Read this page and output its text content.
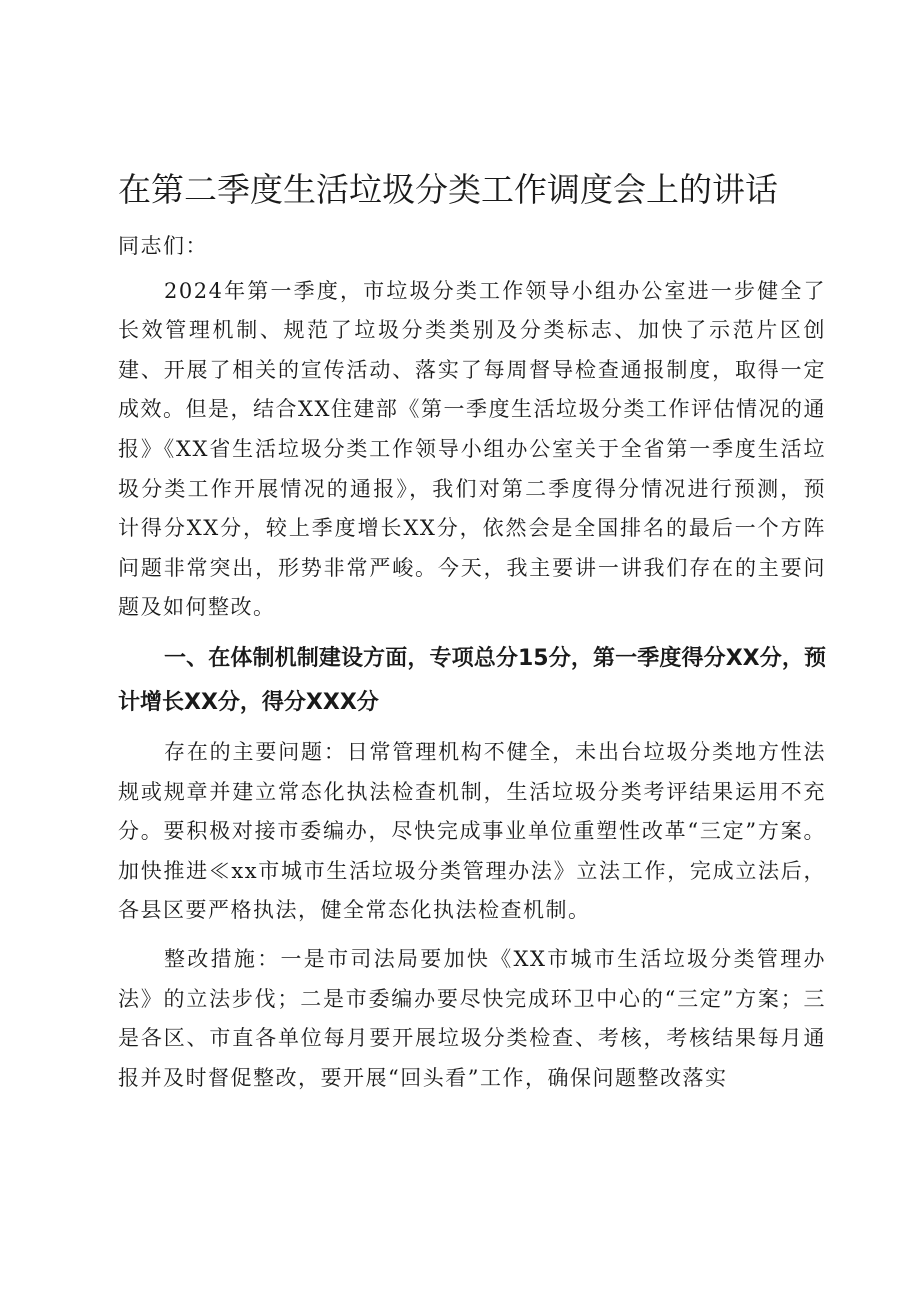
在第二季度生活垃圾分类工作调度会上的讲话

同志们：

2024年第一季度，市垃圾分类工作领导小组办公室进一步健全了长效管理机制、规范了垃圾分类类别及分类标志、加快了示范片区创建、开展了相关的宣传活动、落实了每周督导检查通报制度，取得一定成效。但是，结合XX住建部《第一季度生活垃圾分类工作评估情况的通报》《XX省生活垃圾分类工作领导小组办公室关于全省第一季度生活垃圾分类工作开展情况的通报》，我们对第二季度得分情况进行预测，预计得分XX分，较上季度增长XX分，依然会是全国排名的最后一个方阵问题非常突出，形势非常严峻。今天，我主要讲一讲我们存在的主要问题及如何整改。

一、在体制机制建设方面，专项总分15分，第一季度得分XX分，预计增长XX分，得分XXX分

存在的主要问题：日常管理机构不健全，未出台垃圾分类地方性法规或规章并建立常态化执法检查机制，生活垃圾分类考评结果运用不充分。要积极对接市委编办，尽快完成事业单位重塑性改革“三定”方案。加快推进≪xx市城市生活垃圾分类管理办法》立法工作，完成立法后，各县区要严格执法，健全常态化执法检查机制。

整改措施：一是市司法局要加快《XX市城市生活垃圾分类管理办法》的立法步伐；二是市委编办要尽快完成环卫中心的“三定”方案；三是各区、市直各单位每月要开展垃圾分类检查、考核，考核结果每月通报并及时督促整改，要开展“回头看”工作，确保问题整改落实
